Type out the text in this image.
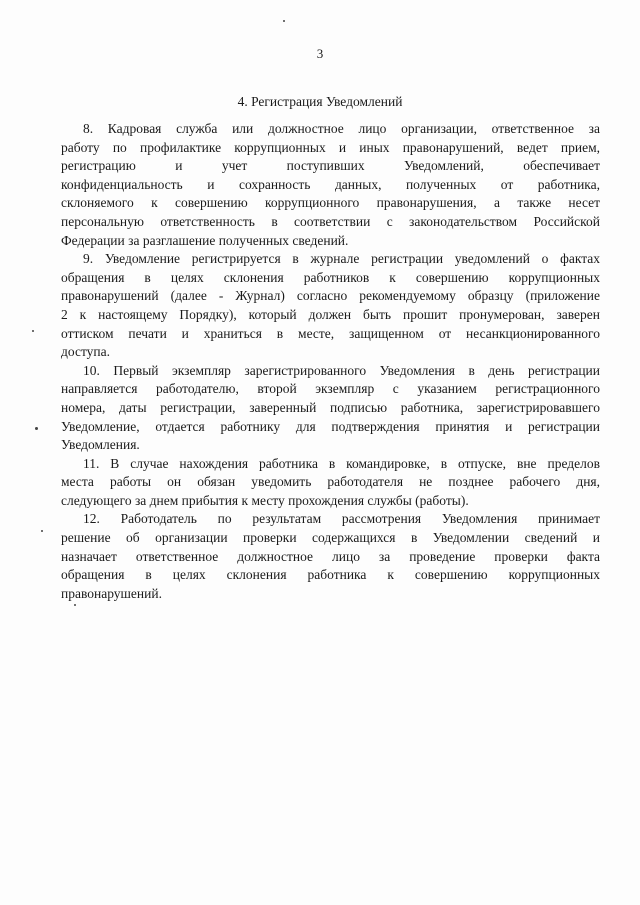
3
4. Регистрация Уведомлений

8. Кадровая служба или должностное лицо организации, ответственное за
работу по профилактике коррупционных и иных правонарушений, ведет прием,
регистрацию и учет поступивших Уведомлений, обеспечивает
конфиденциальность и сохранность данных, полученных от работника,
склоняемого к совершению коррупционного правонарушения, а также несет
персональную ответственность в соответствии с законодательством Российской
Федерации за разглашение полученных сведений.

9. Уведомление регистрируется в журнале регистрации уведомлений о фактах
обращения в целях склонения работников к совершению коррупционных
правонарушений (далее - Журнал) согласно рекомендуемому образцу (приложение
2 к настоящему Порядку), который должен быть прошит пронумерован, заверен
оттиском печати и храниться в месте, защищенном от несанкционированного
доступа.

10. Первый экземпляр зарегистрированного Уведомления в день регистрации
направляется работодателю, второй экземпляр с указанием регистрационного
номера, даты регистрации, заверенный подписью работника, зарегистрировавшего
Уведомление, отдается работнику для подтверждения принятия и регистрации
Уведомления.

11. В случае нахождения работника в командировке, в отпуске, вне пределов
места работы он обязан уведомить работодателя не позднее рабочего дня,
следующего за днем прибытия к месту прохождения службы (работы).

12. Работодатель по результатам рассмотрения Уведомления принимает
решение об организации проверки содержащихся в Уведомлении сведений и
назначает ответственное должностное лицо за проведение проверки факта
обращения в целях склонения работника к совершению коррупционных
правонарушений.
